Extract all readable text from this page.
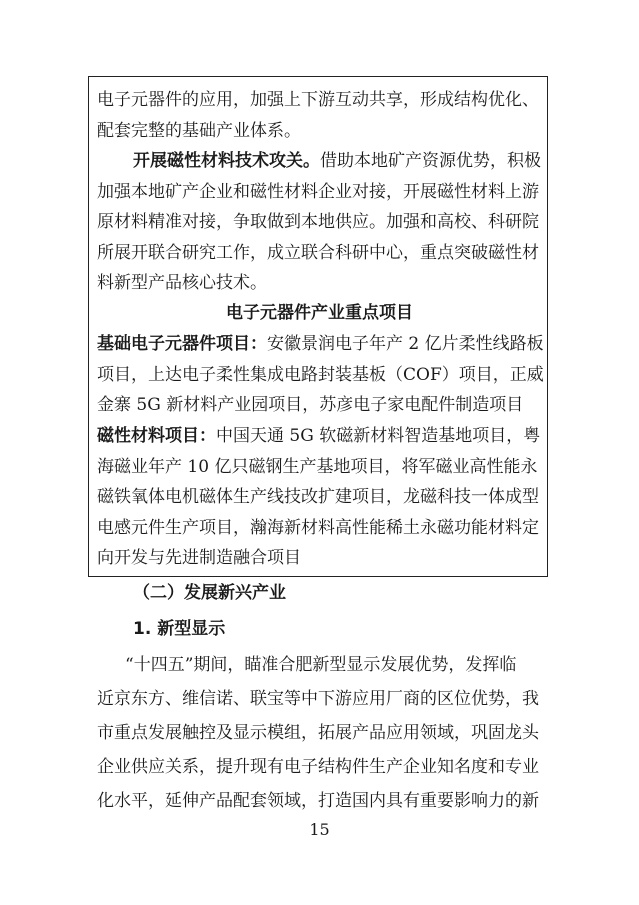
电子元器件的应用，加强上下游互动共享，形成结构优化、
配套完整的基础产业体系。
开展磁性材料技术攻关。借助本地矿产资源优势，积极
加强本地矿产企业和磁性材料企业对接，开展磁性材料上游
原材料精准对接，争取做到本地供应。加强和高校、科研院
所展开联合研究工作，成立联合科研中心，重点突破磁性材
料新型产品核心技术。
电子元器件产业重点项目
基础电子元器件项目：安徽景润电子年产 2 亿片柔性线路板
项目，上达电子柔性集成电路封装基板（COF）项目，正威
金寨 5G 新材料产业园项目，苏彦电子家电配件制造项目
磁性材料项目：中国天通 5G 软磁新材料智造基地项目，粤
海磁业年产 10 亿只磁钢生产基地项目，将军磁业高性能永
磁铁氧体电机磁体生产线技改扩建项目，龙磁科技一体成型
电感元件生产项目，瀚海新材料高性能稀土永磁功能材料定
向开发与先进制造融合项目
（二）发展新兴产业
1. 新型显示
“十四五”期间，瞄准合肥新型显示发展优势，发挥临
近京东方、维信诺、联宝等中下游应用厂商的区位优势，我
市重点发展触控及显示模组，拓展产品应用领域，巩固龙头
企业供应关系，提升现有电子结构件生产企业知名度和专业
化水平，延伸产品配套领域，打造国内具有重要影响力的新
15
